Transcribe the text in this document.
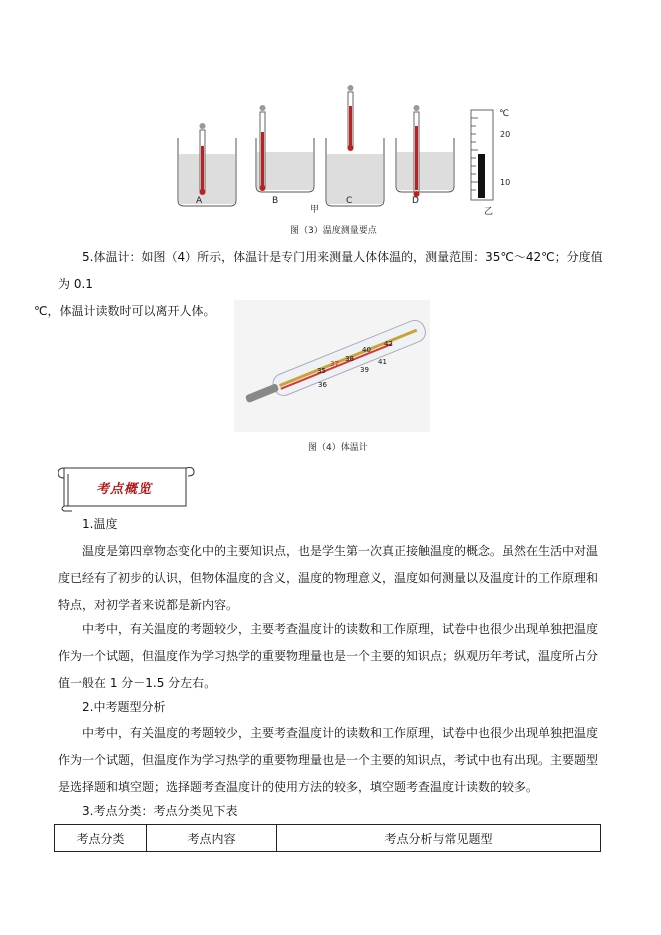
A	B	C	D
甲	乙
℃
20
10
图（3）温度测量要点

5.体温计：如图（4）所示，体温计是专门用来测量人体体温的，测量范围：35℃～42℃；分度值为 0.1
℃，体温计读数时可以离开人体。

35
37
38
40
42
36
39
41
图（4）体温计
考点概览

1.温度

温度是第四章物态变化中的主要知识点，也是学生第一次真正接触温度的概念。虽然在生活中对温度已经有了初步的认识，但物体温度的含义，温度的物理意义，温度如何测量以及温度计的工作原理和特点，对初学者来说都是新内容。

中考中，有关温度的考题较少，主要考查温度计的读数和工作原理，试卷中也很少出现单独把温度作为一个试题，但温度作为学习热学的重要物理量也是一个主要的知识点；纵观历年考试，温度所占分值一般在 1 分－1.5 分左右。

2.中考题型分析

中考中，有关温度的考题较少，主要考查温度计的读数和工作原理，试卷中也很少出现单独把温度作为一个试题，但温度作为学习热学的重要物理量也是一个主要的知识点，考试中也有出现。主要题型是选择题和填空题；选择题考查温度计的使用方法的较多，填空题考查温度计读数的较多。

3.考点分类：考点分类见下表

考点分类	考点内容	考点分析与常见题型
